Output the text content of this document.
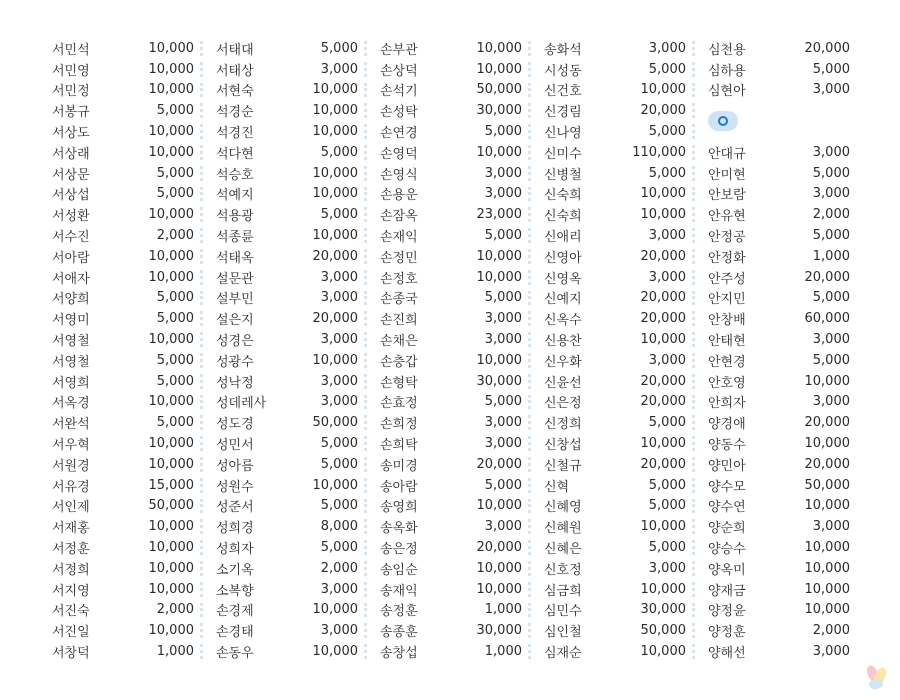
서민석	10,000
서민영	10,000
서민정	10,000
서봉규	5,000
서상도	10,000
서상래	10,000
서상문	5,000
서상섭	5,000
서성환	10,000
서수진	2,000
서아람	10,000
서애자	10,000
서양희	5,000
서영미	5,000
서영철	10,000
서영철	5,000
서영희	5,000
서옥경	10,000
서완석	5,000
서우혁	10,000
서원경	10,000
서유경	15,000
서인제	50,000
서재홍	10,000
서정훈	10,000
서정희	10,000
서지영	10,000
서진숙	2,000
서진일	10,000
서창덕	1,000
서태대	5,000
서태상	3,000
서현숙	10,000
석경순	10,000
석경진	10,000
석다현	5,000
석승호	10,000
석예지	10,000
석용광	5,000
석종륜	10,000
석태옥	20,000
설문관	3,000
설부민	3,000
설은지	20,000
성경은	3,000
성광수	10,000
성낙정	3,000
성데레사	3,000
성도경	50,000
성민서	5,000
성아름	5,000
성원수	10,000
성준서	5,000
성희경	8,000
성희자	5,000
소기옥	2,000
소복향	3,000
손경제	10,000
손경태	3,000
손동우	10,000
손부관	10,000
손상덕	10,000
손석기	50,000
손성탁	30,000
손연경	5,000
손영덕	10,000
손영식	3,000
손용운	3,000
손잠옥	23,000
손재익	5,000
손정민	10,000
손정호	10,000
손종국	5,000
손진희	3,000
손채은	3,000
손충갑	10,000
손형탁	30,000
손효정	5,000
손희정	3,000
손희탁	3,000
송미경	20,000
송아람	5,000
송영희	10,000
송옥화	3,000
송은정	20,000
송임순	10,000
송재익	10,000
송정훈	1,000
송종훈	30,000
송창섭	1,000
송화석	3,000
시성동	5,000
신건호	10,000
신경림	20,000
신나영	5,000
신미수	110,000
신병철	5,000
신숙희	10,000
신숙희	10,000
신애리	3,000
신영아	20,000
신영옥	3,000
신예지	20,000
신옥수	20,000
신용찬	10,000
신우화	3,000
신윤선	20,000
신은정	20,000
신정희	5,000
신창섭	10,000
신철규	20,000
신혁	5,000
신혜영	5,000
신혜원	10,000
신혜은	5,000
신호정	3,000
심금희	10,000
심민수	30,000
심인철	50,000
심재순	10,000
심천용	20,000
심하용	5,000
심현아	3,000
안대규	3,000
안미현	5,000
안보람	3,000
안유현	2,000
안정공	5,000
안정화	1,000
안주성	20,000
안지민	5,000
안창배	60,000
안태현	3,000
안현경	5,000
안호영	10,000
안희자	3,000
양경애	20,000
양동수	10,000
양민아	20,000
양수모	50,000
양수연	10,000
양순희	3,000
양승수	10,000
양옥미	10,000
양재금	10,000
양정윤	10,000
양정훈	2,000
양해선	3,000
